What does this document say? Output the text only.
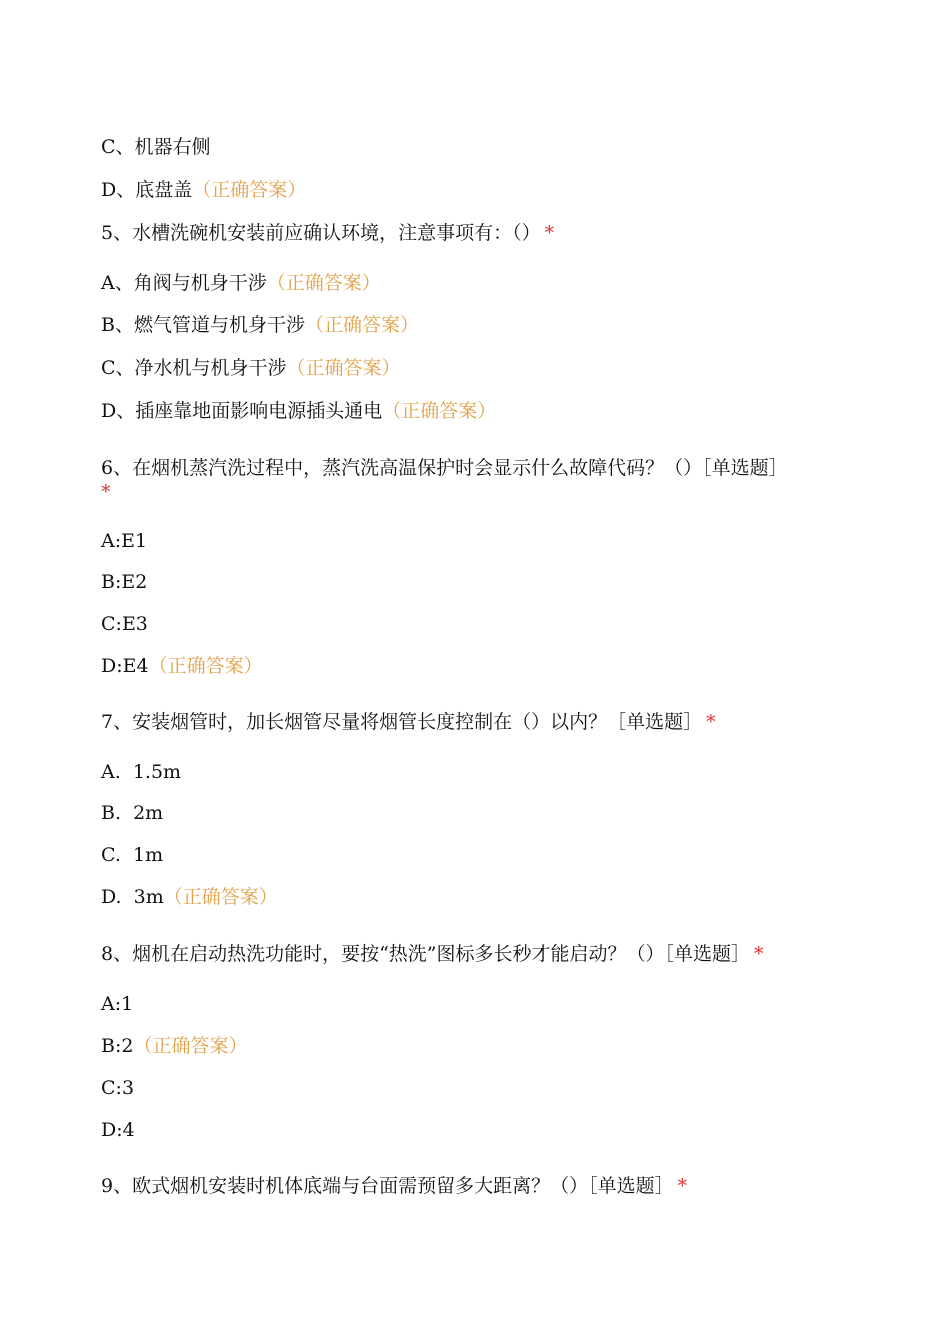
C、机器右侧
D、底盘盖（正确答案）
5、水槽洗碗机安装前应确认环境，注意事项有：（） *
A、角阀与机身干涉（正确答案）
B、燃气管道与机身干涉（正确答案）
C、净水机与机身干涉（正确答案）
D、插座靠地面影响电源插头通电（正确答案）
6、在烟机蒸汽洗过程中，蒸汽洗高温保护时会显示什么故障代码？（）［单选题］
*
A:E1
B:E2
C:E3
D:E4（正确答案）
7、安装烟管时，加长烟管尽量将烟管长度控制在（）以内？［单选题］ *
A.  1.5m
B.  2m
C.  1m
D.  3m（正确答案）
8、烟机在启动热洗功能时，要按“热洗”图标多长秒才能启动？（）［单选题］ *
A:1
B:2（正确答案）
C:3
D:4
9、欧式烟机安装时机体底端与台面需预留多大距离？（）［单选题］ *
